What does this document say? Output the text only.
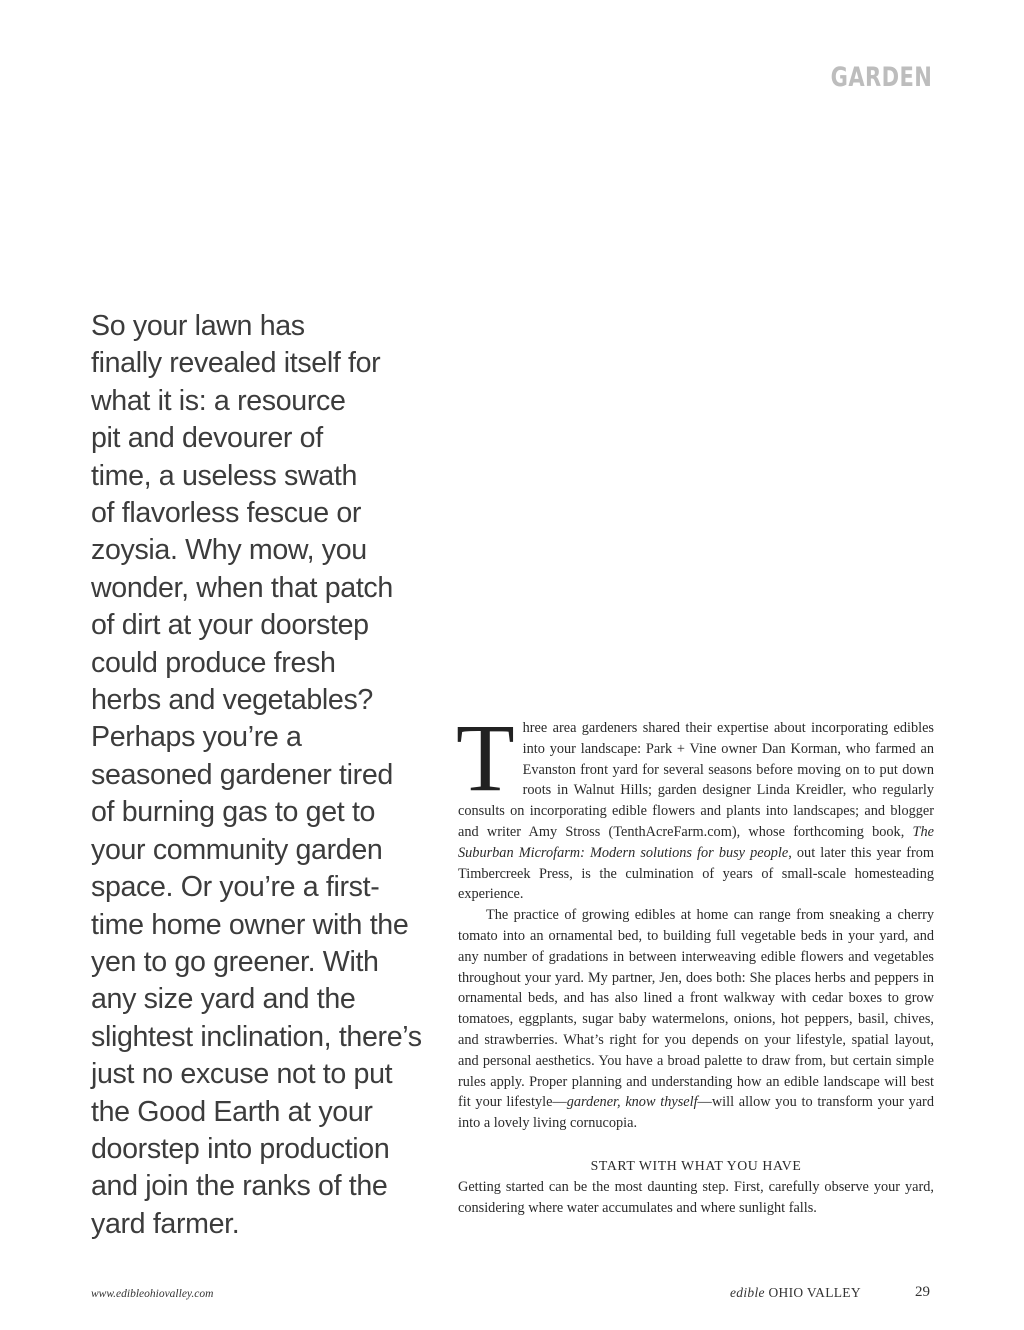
GARDEN
So your lawn has
finally revealed itself for
what it is: a resource
pit and devourer of
time, a useless swath
of flavorless fescue or
zoysia. Why mow, you
wonder, when that patch
of dirt at your doorstep
could produce fresh
herbs and vegetables?
Perhaps you’re a
seasoned gardener tired
of burning gas to get to
your community garden
space. Or you’re a first-
time home owner with the
yen to go greener. With
any size yard and the
slightest inclination, there’s
just no excuse not to put
the Good Earth at your
doorstep into production
and join the ranks of the
yard farmer.

Three area gardeners shared their expertise about incorporating edibles into your landscape: Park + Vine owner Dan Korman, who farmed an Evanston front yard for several seasons before moving on to put down roots in Walnut Hills; garden designer Linda Kreidler, who regularly consults on incorporating edible flowers and plants into landscapes; and blogger and writer Amy Stross (TenthAcreFarm.com), whose forthcoming book, The Suburban Microfarm: Modern solutions for busy people, out later this year from Timbercreek Press, is the culmination of years of small-scale homesteading experience.

The practice of growing edibles at home can range from sneaking a cherry tomato into an ornamental bed, to building full vegetable beds in your yard, and any number of gradations in between interweaving edible flowers and vegetables throughout your yard. My partner, Jen, does both: She places herbs and peppers in ornamental beds, and has also lined a front walkway with cedar boxes to grow tomatoes, eggplants, sugar baby watermelons, onions, hot peppers, basil, chives, and strawberries. What’s right for you depends on your lifestyle, spatial layout, and personal aesthetics. You have a broad palette to draw from, but certain simple rules apply. Proper planning and understanding how an edible landscape will best fit your lifestyle—gardener, know thyself—will allow you to transform your yard into a lovely living cornucopia.

START WITH WHAT YOU HAVE

Getting started can be the most daunting step. First, carefully observe your yard, considering where water accumulates and where sunlight falls.

www.edibleohiovalley.com	edible OHIO VALLEY	29
